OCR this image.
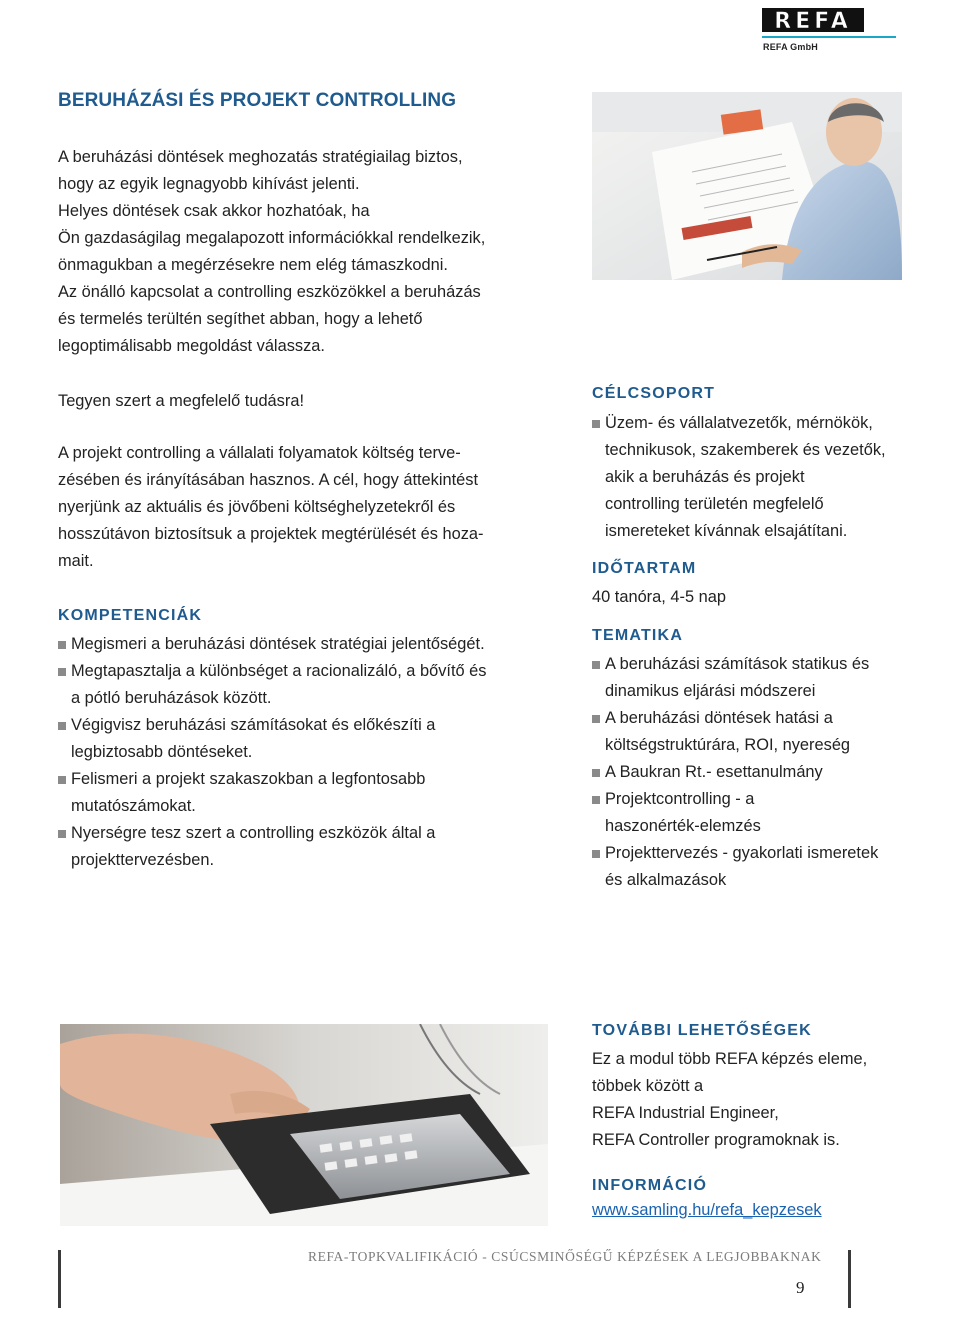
REFA
REFA GmbH
BERUHÁZÁSI ÉS PROJEKT CONTROLLING
A beruházási döntések meghozatás stratégiailag biztos,
hogy az egyik legnagyobb kihívást jelenti.
Helyes döntések csak akkor hozhatóak, ha
Ön gazdaságilag megalapozott információkkal rendelkezik,
önmagukban a megérzésekre nem elég támaszkodni.
Az önálló kapcsolat a controlling eszközökkel a beruházás
és termelés terültén segíthet abban, hogy a lehető
legoptimálisabb megoldást válassza.
Tegyen szert a megfelelő tudásra!
A projekt controlling a vállalati folyamatok költség terve-
zésében és irányításában hasznos. A cél, hogy áttekintést
nyerjünk az aktuális és jövőbeni költséghelyzetekről és
hosszútávon biztosítsuk a projektek megtérülését és hoza-
mait.
KOMPETENCIÁK
Megismeri a beruházási döntések stratégiai jelentőségét.
Megtapasztalja a különbséget a racionalizáló, a bővítő és
a pótló beruházások között.
Végigvisz beruházási számításokat és előkészíti a
legbiztosabb döntéseket.
Felismeri a projekt szakaszokban a legfontosabb
mutatószámokat.
Nyerségre tesz szert a controlling eszközök által a
projekttervezésben.
CÉLCSOPORT
Üzem- és vállalatvezetők, mérnökök,
technikusok, szakemberek és vezetők,
akik a beruházás és projekt
controlling területén megfelelő
ismereteket kívánnak elsajátítani.
IDŐTARTAM
40 tanóra, 4-5 nap
TEMATIKA
A beruházási számítások statikus és
dinamikus eljárási módszerei
A beruházási döntések hatási a
költségstruktúrára, ROI, nyereség
A Baukran Rt.- esettanulmány
Projektcontrolling - a
haszonérték-elemzés
Projekttervezés - gyakorlati ismeretek
és alkalmazások
TOVÁBBI LEHETŐSÉGEK
Ez a modul több REFA képzés eleme,
többek között a
REFA Industrial Engineer,
REFA Controller programoknak is.
INFORMÁCIÓ
www.samling.hu/refa_kepzesek
REFA-TOPKVALIFIKÁCIÓ - CSÚCSMINŐSÉGŰ KÉPZÉSEK A LEGJOBBAKNAK
9
